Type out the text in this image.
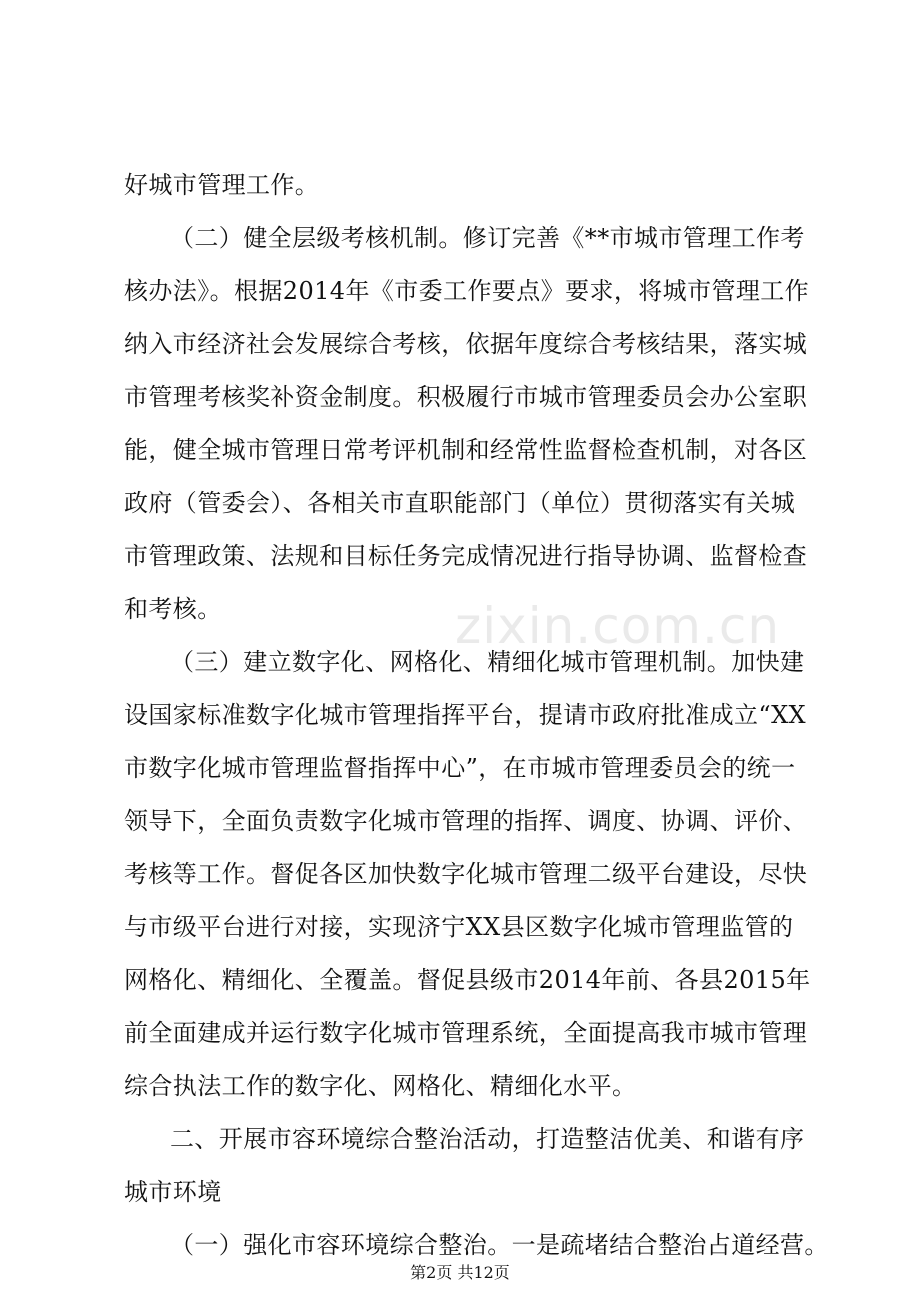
zixin.com.cn
好城市管理工作。
（二）健全层级考核机制。修订完善《**市城市管理工作考
核办法》。根据2014年《市委工作要点》要求，将城市管理工作
纳入市经济社会发展综合考核，依据年度综合考核结果，落实城
市管理考核奖补资金制度。积极履行市城市管理委员会办公室职
能，健全城市管理日常考评机制和经常性监督检查机制，对各区
政府（管委会）、各相关市直职能部门（单位）贯彻落实有关城
市管理政策、法规和目标任务完成情况进行指导协调、监督检查
和考核。
（三）建立数字化、网格化、精细化城市管理机制。加快建
设国家标准数字化城市管理指挥平台，提请市政府批准成立“XX
市数字化城市管理监督指挥中心”，在市城市管理委员会的统一
领导下，全面负责数字化城市管理的指挥、调度、协调、评价、
考核等工作。督促各区加快数字化城市管理二级平台建设，尽快
与市级平台进行对接，实现济宁XX县区数字化城市管理监管的
网格化、精细化、全覆盖。督促县级市2014年前、各县2015年
前全面建成并运行数字化城市管理系统，全面提高我市城市管理
综合执法工作的数字化、网格化、精细化水平。
二、开展市容环境综合整治活动，打造整洁优美、和谐有序
城市环境
（一）强化市容环境综合整治。一是疏堵结合整治占道经营。
第2页 共12页
